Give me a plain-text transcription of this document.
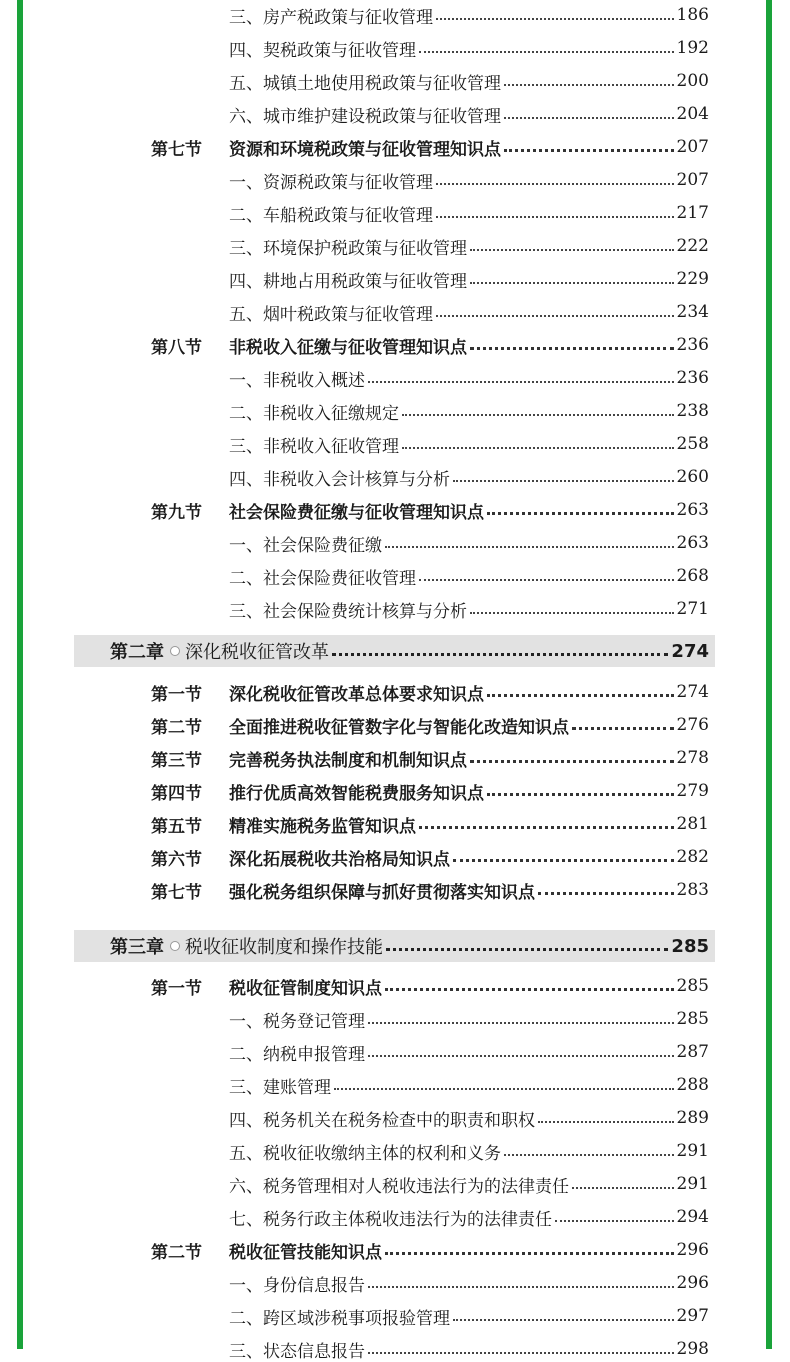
三、房产税政策与征收管理	186
四、契税政策与征收管理	192
五、城镇土地使用税政策与征收管理	200
六、城市维护建设税政策与征收管理	204
第七节	资源和环境税政策与征收管理知识点	207
一、资源税政策与征收管理	207
二、车船税政策与征收管理	217
三、环境保护税政策与征收管理	222
四、耕地占用税政策与征收管理	229
五、烟叶税政策与征收管理	234
第八节	非税收入征缴与征收管理知识点	236
一、非税收入概述	236
二、非税收入征缴规定	238
三、非税收入征收管理	258
四、非税收入会计核算与分析	260
第九节	社会保险费征缴与征收管理知识点	263
一、社会保险费征缴	263
二、社会保险费征收管理	268
三、社会保险费统计核算与分析	271
第二章 深化税收征管改革	274
第一节	深化税收征管改革总体要求知识点	274
第二节	全面推进税收征管数字化与智能化改造知识点	276
第三节	完善税务执法制度和机制知识点	278
第四节	推行优质高效智能税费服务知识点	279
第五节	精准实施税务监管知识点	281
第六节	深化拓展税收共治格局知识点	282
第七节	强化税务组织保障与抓好贯彻落实知识点	283
第三章 税收征收制度和操作技能	285
第一节	税收征管制度知识点	285
一、税务登记管理	285
二、纳税申报管理	287
三、建账管理	288
四、税务机关在税务检查中的职责和职权	289
五、税收征收缴纳主体的权利和义务	291
六、税务管理相对人税收违法行为的法律责任	291
七、税务行政主体税收违法行为的法律责任	294
第二节	税收征管技能知识点	296
一、身份信息报告	296
二、跨区域涉税事项报验管理	297
三、状态信息报告	298
